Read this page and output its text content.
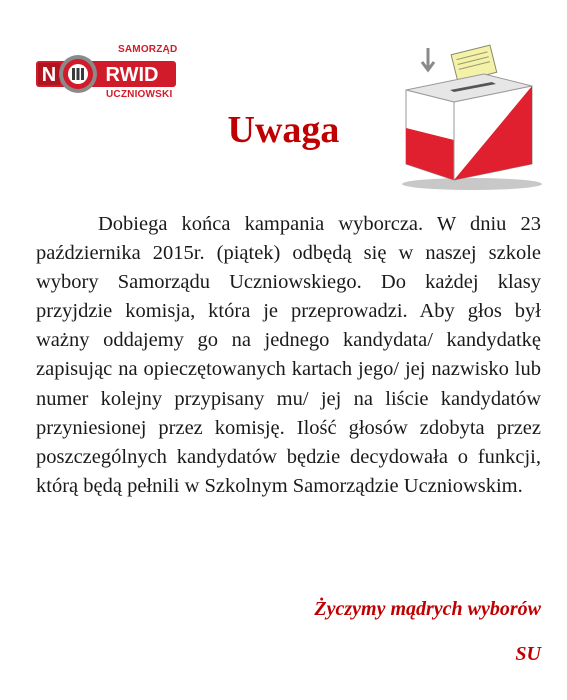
N RWID
SAMORZĄD
UCZNIOWSKI
Uwaga
Dobiega końca kampania wyborcza. W dniu 23 października 2015r. (piątek) odbędą się w naszej szkole wybory Samorządu Uczniowskiego. Do każdej klasy przyjdzie komisja, która je przeprowadzi. Aby głos był ważny oddajemy go na jednego kandydata/ kandydatkę zapisując na opieczętowanych kartach jego/ jej nazwisko lub numer kolejny przypisany mu/ jej na liście kandydatów przyniesionej przez komisję. Ilość głosów zdobyta przez poszczególnych kandydatów będzie decydowała o funkcji, którą będą pełnili w Szkolnym Samorządzie Uczniowskim.
Życzymy mądrych wyborów
SU
